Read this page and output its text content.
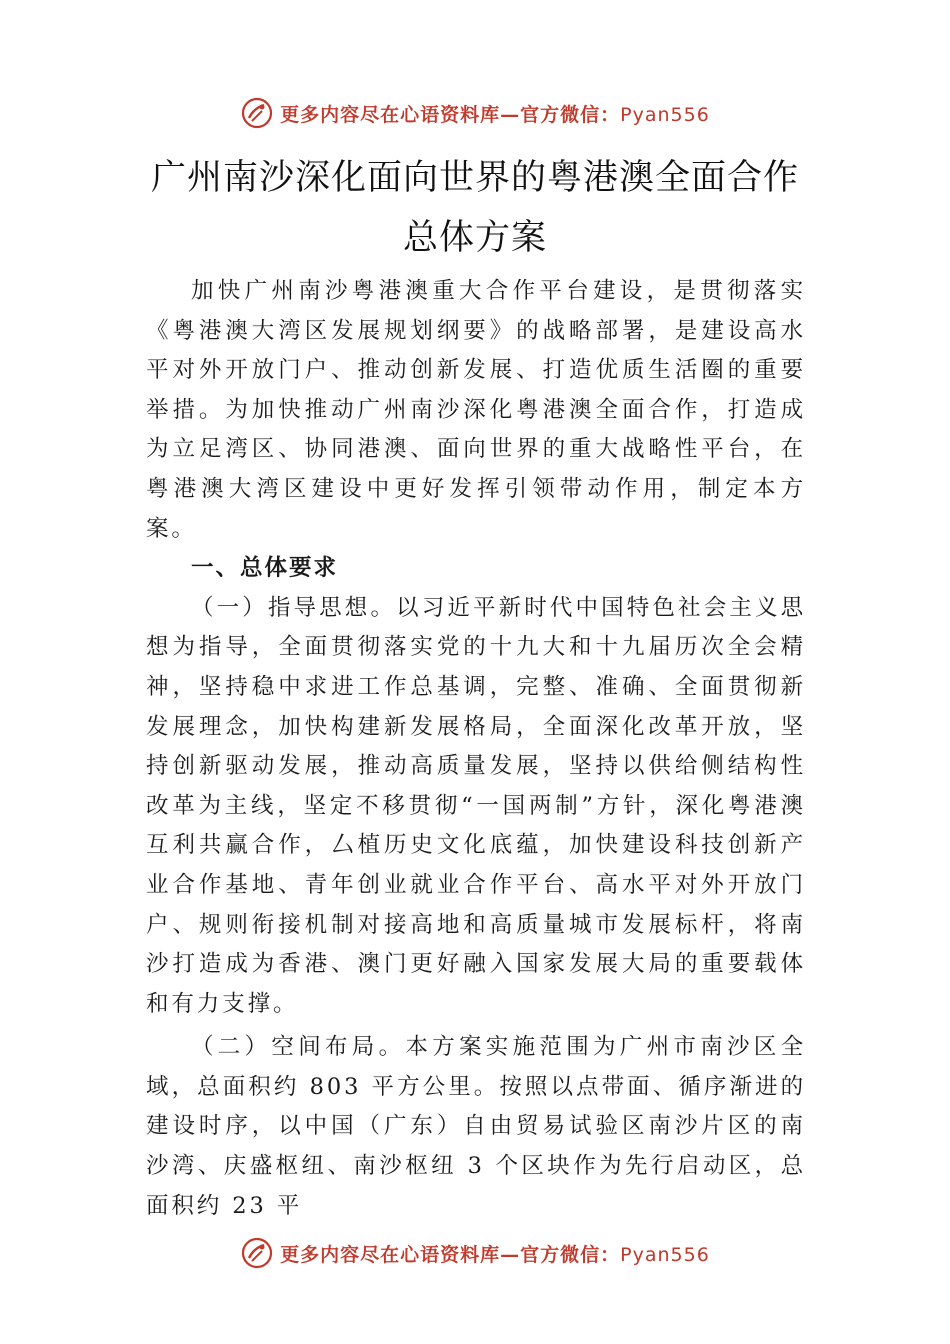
更多内容尽在心语资料库—官方微信：Pyan556
广州南沙深化面向世界的粤港澳全面合作
总体方案

加快广州南沙粤港澳重大合作平台建设，是贯彻落实《粤港澳大湾区发展规划纲要》的战略部署，是建设高水平对外开放门户、推动创新发展、打造优质生活圈的重要举措。为加快推动广州南沙深化粤港澳全面合作，打造成为立足湾区、协同港澳、面向世界的重大战略性平台，在粤港澳大湾区建设中更好发挥引领带动作用，制定本方案。

一、总体要求

（一）指导思想。以习近平新时代中国特色社会主义思想为指导，全面贯彻落实党的十九大和十九届历次全会精神，坚持稳中求进工作总基调，完整、准确、全面贯彻新发展理念，加快构建新发展格局，全面深化改革开放，坚持创新驱动发展，推动高质量发展，坚持以供给侧结构性改革为主线，坚定不移贯彻“一国两制”方针，深化粤港澳互利共赢合作，厶植历史文化底蕴，加快建设科技创新产业合作基地、青年创业就业合作平台、高水平对外开放门户、规则衔接机制对接高地和高质量城市发展标杆，将南沙打造成为香港、澳门更好融入国家发展大局的重要载体和有力支撑。

（二）空间布局。本方案实施范围为广州市南沙区全域，总面积约 803 平方公里。按照以点带面、循序渐进的建设时序，以中国（广东）自由贸易试验区南沙片区的南沙湾、庆盛枢纽、南沙枢纽 3 个区块作为先行启动区，总面积约 23 平

更多内容尽在心语资料库—官方微信：Pyan556
